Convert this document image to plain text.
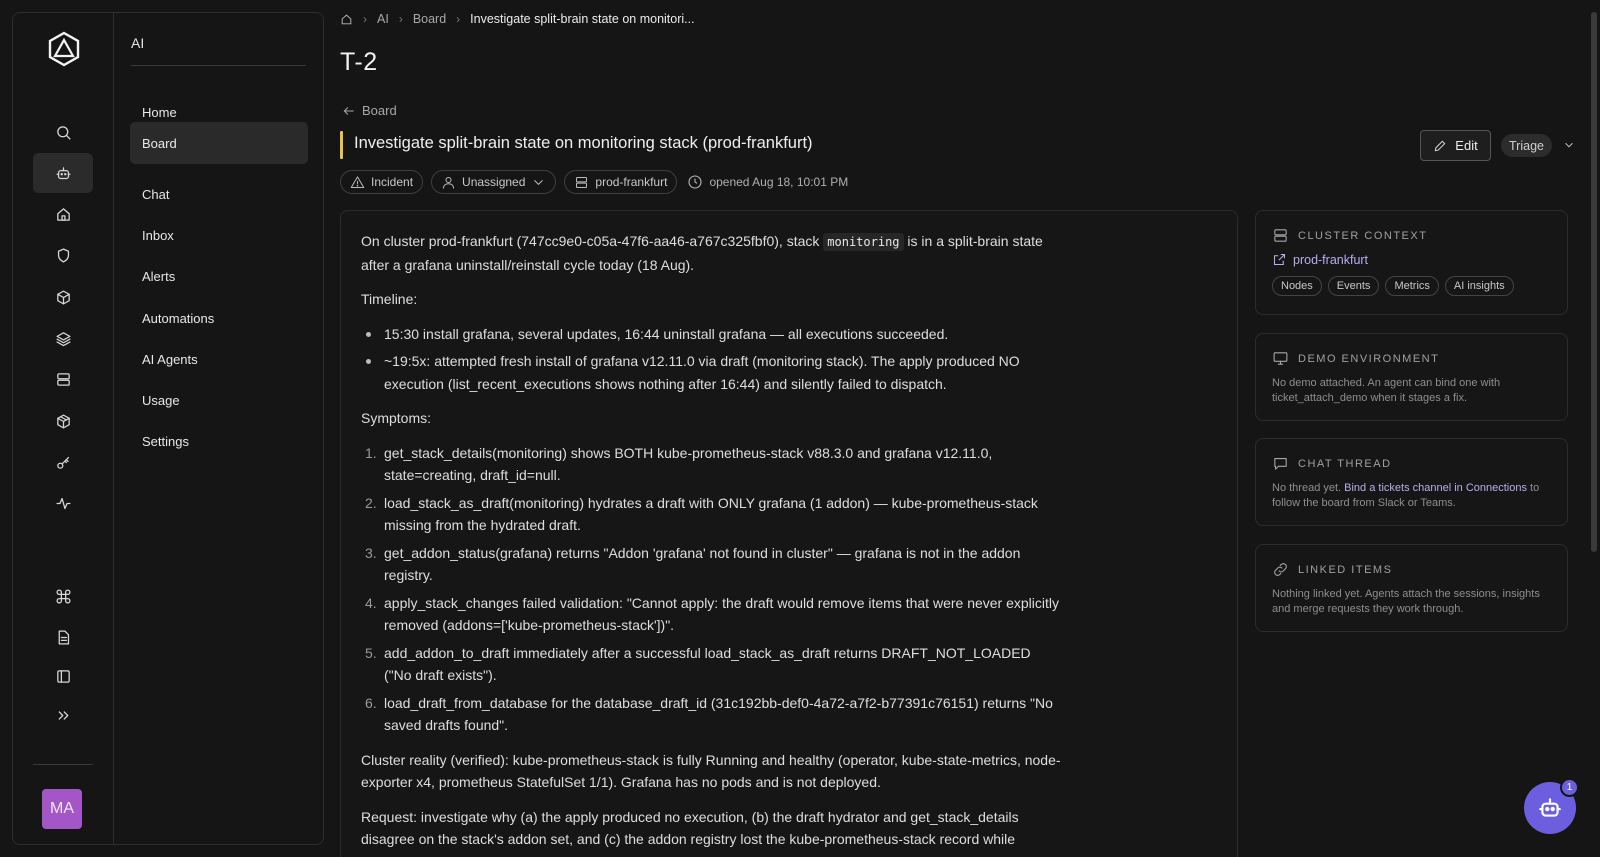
MA
AI
Home
Board
Chat
Inbox
Alerts
Automations
AI Agents
Usage
Settings
› AI › Board › Investigate split-brain state on monitori...
T-2
Board
Investigate split-brain state on monitoring stack (prod-frankfurt)	Edit	Triage
Incident	Unassigned	prod-frankfurt	opened Aug 18, 10:01 PM

On cluster prod-frankfurt (747cc9e0-c05a-47f6-aa46-a767c325fbf0), stack monitoring is in a split-brain state after a grafana uninstall/reinstall cycle today (18 Aug).

Timeline:

15:30 install grafana, several updates, 16:44 uninstall grafana — all executions succeeded.
~19:5x: attempted fresh install of grafana v12.11.0 via draft (monitoring stack). The apply produced NO execution (list_recent_executions shows nothing after 16:44) and silently failed to dispatch.

Symptoms:

1. get_stack_details(monitoring) shows BOTH kube-prometheus-stack v88.3.0 and grafana v12.11.0, state=creating, draft_id=null.
2. load_stack_as_draft(monitoring) hydrates a draft with ONLY grafana (1 addon) — kube-prometheus-stack missing from the hydrated draft.
3. get_addon_status(grafana) returns "Addon 'grafana' not found in cluster" — grafana is not in the addon registry.
4. apply_stack_changes failed validation: "Cannot apply: the draft would remove items that were never explicitly removed (addons=['kube-prometheus-stack'])".
5. add_addon_to_draft immediately after a successful load_stack_as_draft returns DRAFT_NOT_LOADED ("No draft exists").
6. load_draft_from_database for the database_draft_id (31c192bb-def0-4a72-a7f2-b77391c76151) returns "No saved drafts found".

Cluster reality (verified): kube-prometheus-stack is fully Running and healthy (operator, kube-state-metrics, node-exporter x4, prometheus StatefulSet 1/1). Grafana has no pods and is not deployed.

Request: investigate why (a) the apply produced no execution, (b) the draft hydrator and get_stack_details disagree on the stack's addon set, and (c) the addon registry lost the kube-prometheus-stack record while

CLUSTER CONTEXT
prod-frankfurt
Nodes	Events	Metrics	AI insights
DEMO ENVIRONMENT
No demo attached. An agent can bind one with ticket_attach_demo when it stages a fix.
CHAT THREAD
No thread yet. Bind a tickets channel in Connections to follow the board from Slack or Teams.
LINKED ITEMS
Nothing linked yet. Agents attach the sessions, insights and merge requests they work through.
1
